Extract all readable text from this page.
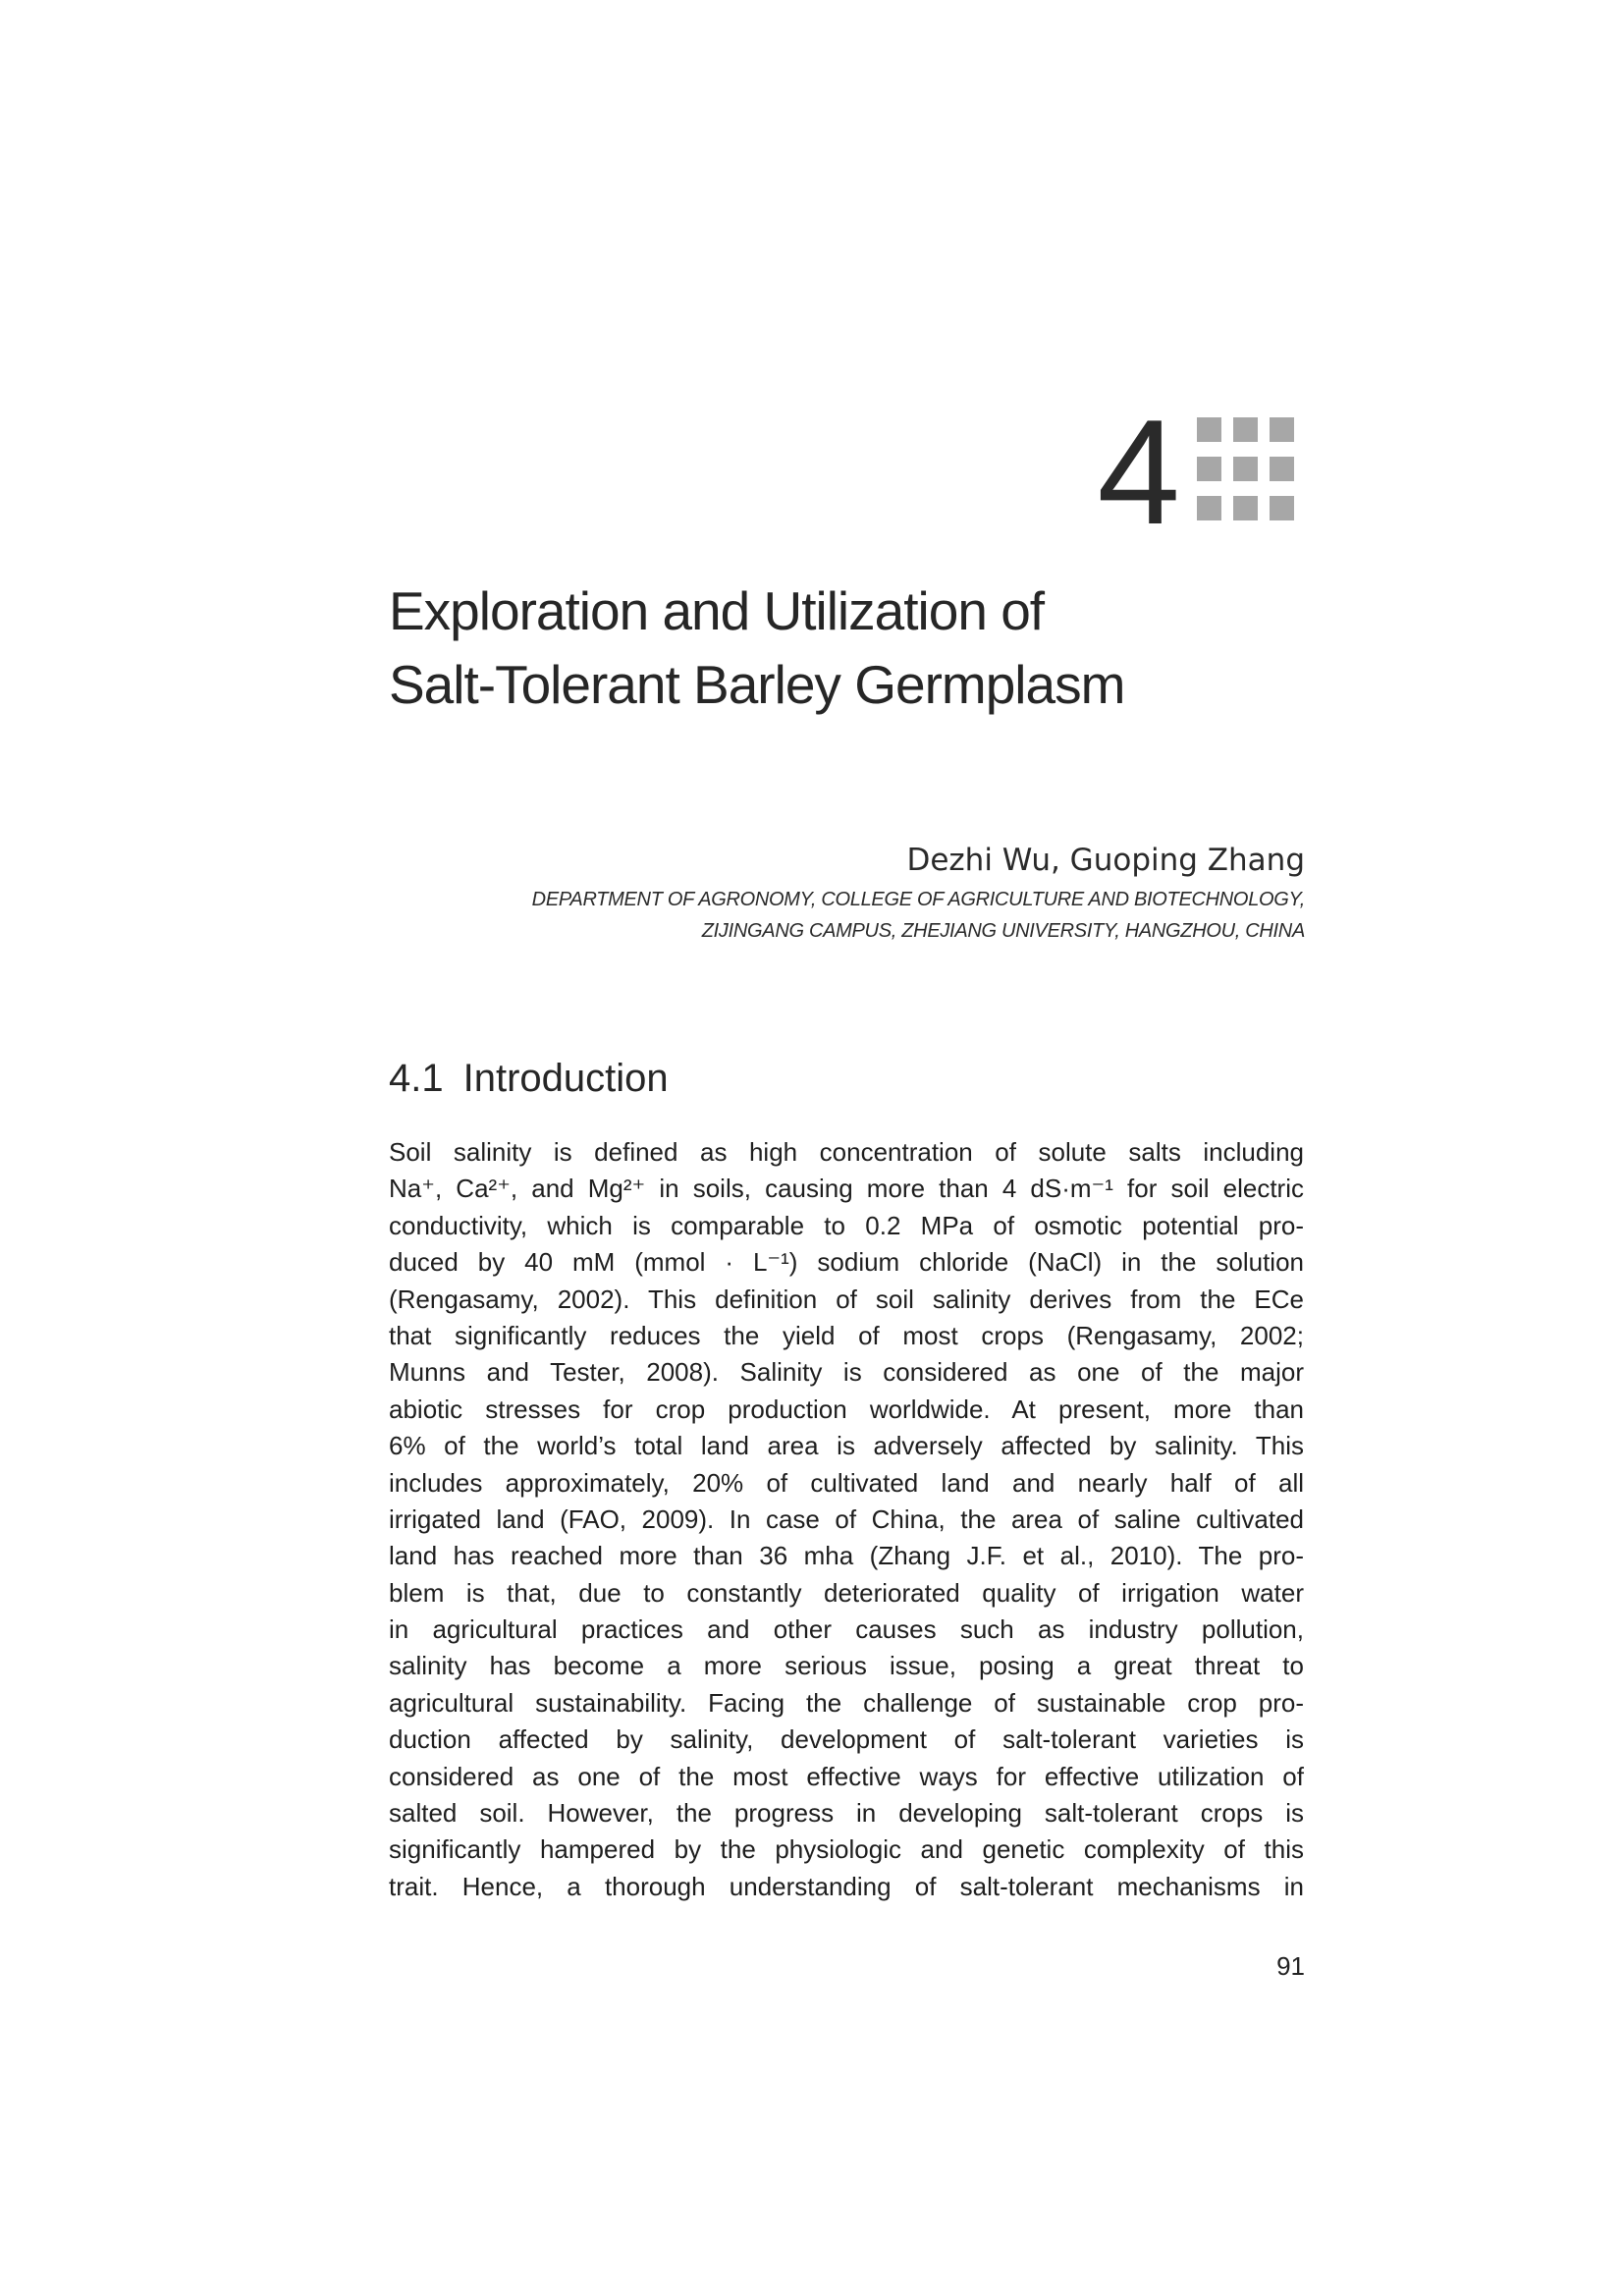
4
Exploration and Utilization of
Salt-Tolerant Barley Germplasm
Dezhi Wu, Guoping Zhang
DEPARTMENT OF AGRONOMY, COLLEGE OF AGRICULTURE AND BIOTECHNOLOGY,
ZIJINGANG CAMPUS, ZHEJIANG UNIVERSITY, HANGZHOU, CHINA
4.1 Introduction
Soil salinity is defined as high concentration of solute salts including
Na⁺, Ca²⁺, and Mg²⁺ in soils, causing more than 4 dS·m⁻¹ for soil electric
conductivity, which is comparable to 0.2 MPa of osmotic potential pro-
duced by 40 mM (mmol · L⁻¹) sodium chloride (NaCl) in the solution
(Rengasamy, 2002). This definition of soil salinity derives from the ECe
that significantly reduces the yield of most crops (Rengasamy, 2002;
Munns and Tester, 2008). Salinity is considered as one of the major
abiotic stresses for crop production worldwide. At present, more than
6% of the world’s total land area is adversely affected by salinity. This
includes approximately, 20% of cultivated land and nearly half of all
irrigated land (FAO, 2009). In case of China, the area of saline cultivated
land has reached more than 36 mha (Zhang J.F. et al., 2010). The pro-
blem is that, due to constantly deteriorated quality of irrigation water
in agricultural practices and other causes such as industry pollution,
salinity has become a more serious issue, posing a great threat to
agricultural sustainability. Facing the challenge of sustainable crop pro-
duction affected by salinity, development of salt-tolerant varieties is
considered as one of the most effective ways for effective utilization of
salted soil. However, the progress in developing salt-tolerant crops is
significantly hampered by the physiologic and genetic complexity of this
trait. Hence, a thorough understanding of salt-tolerant mechanisms in
91
